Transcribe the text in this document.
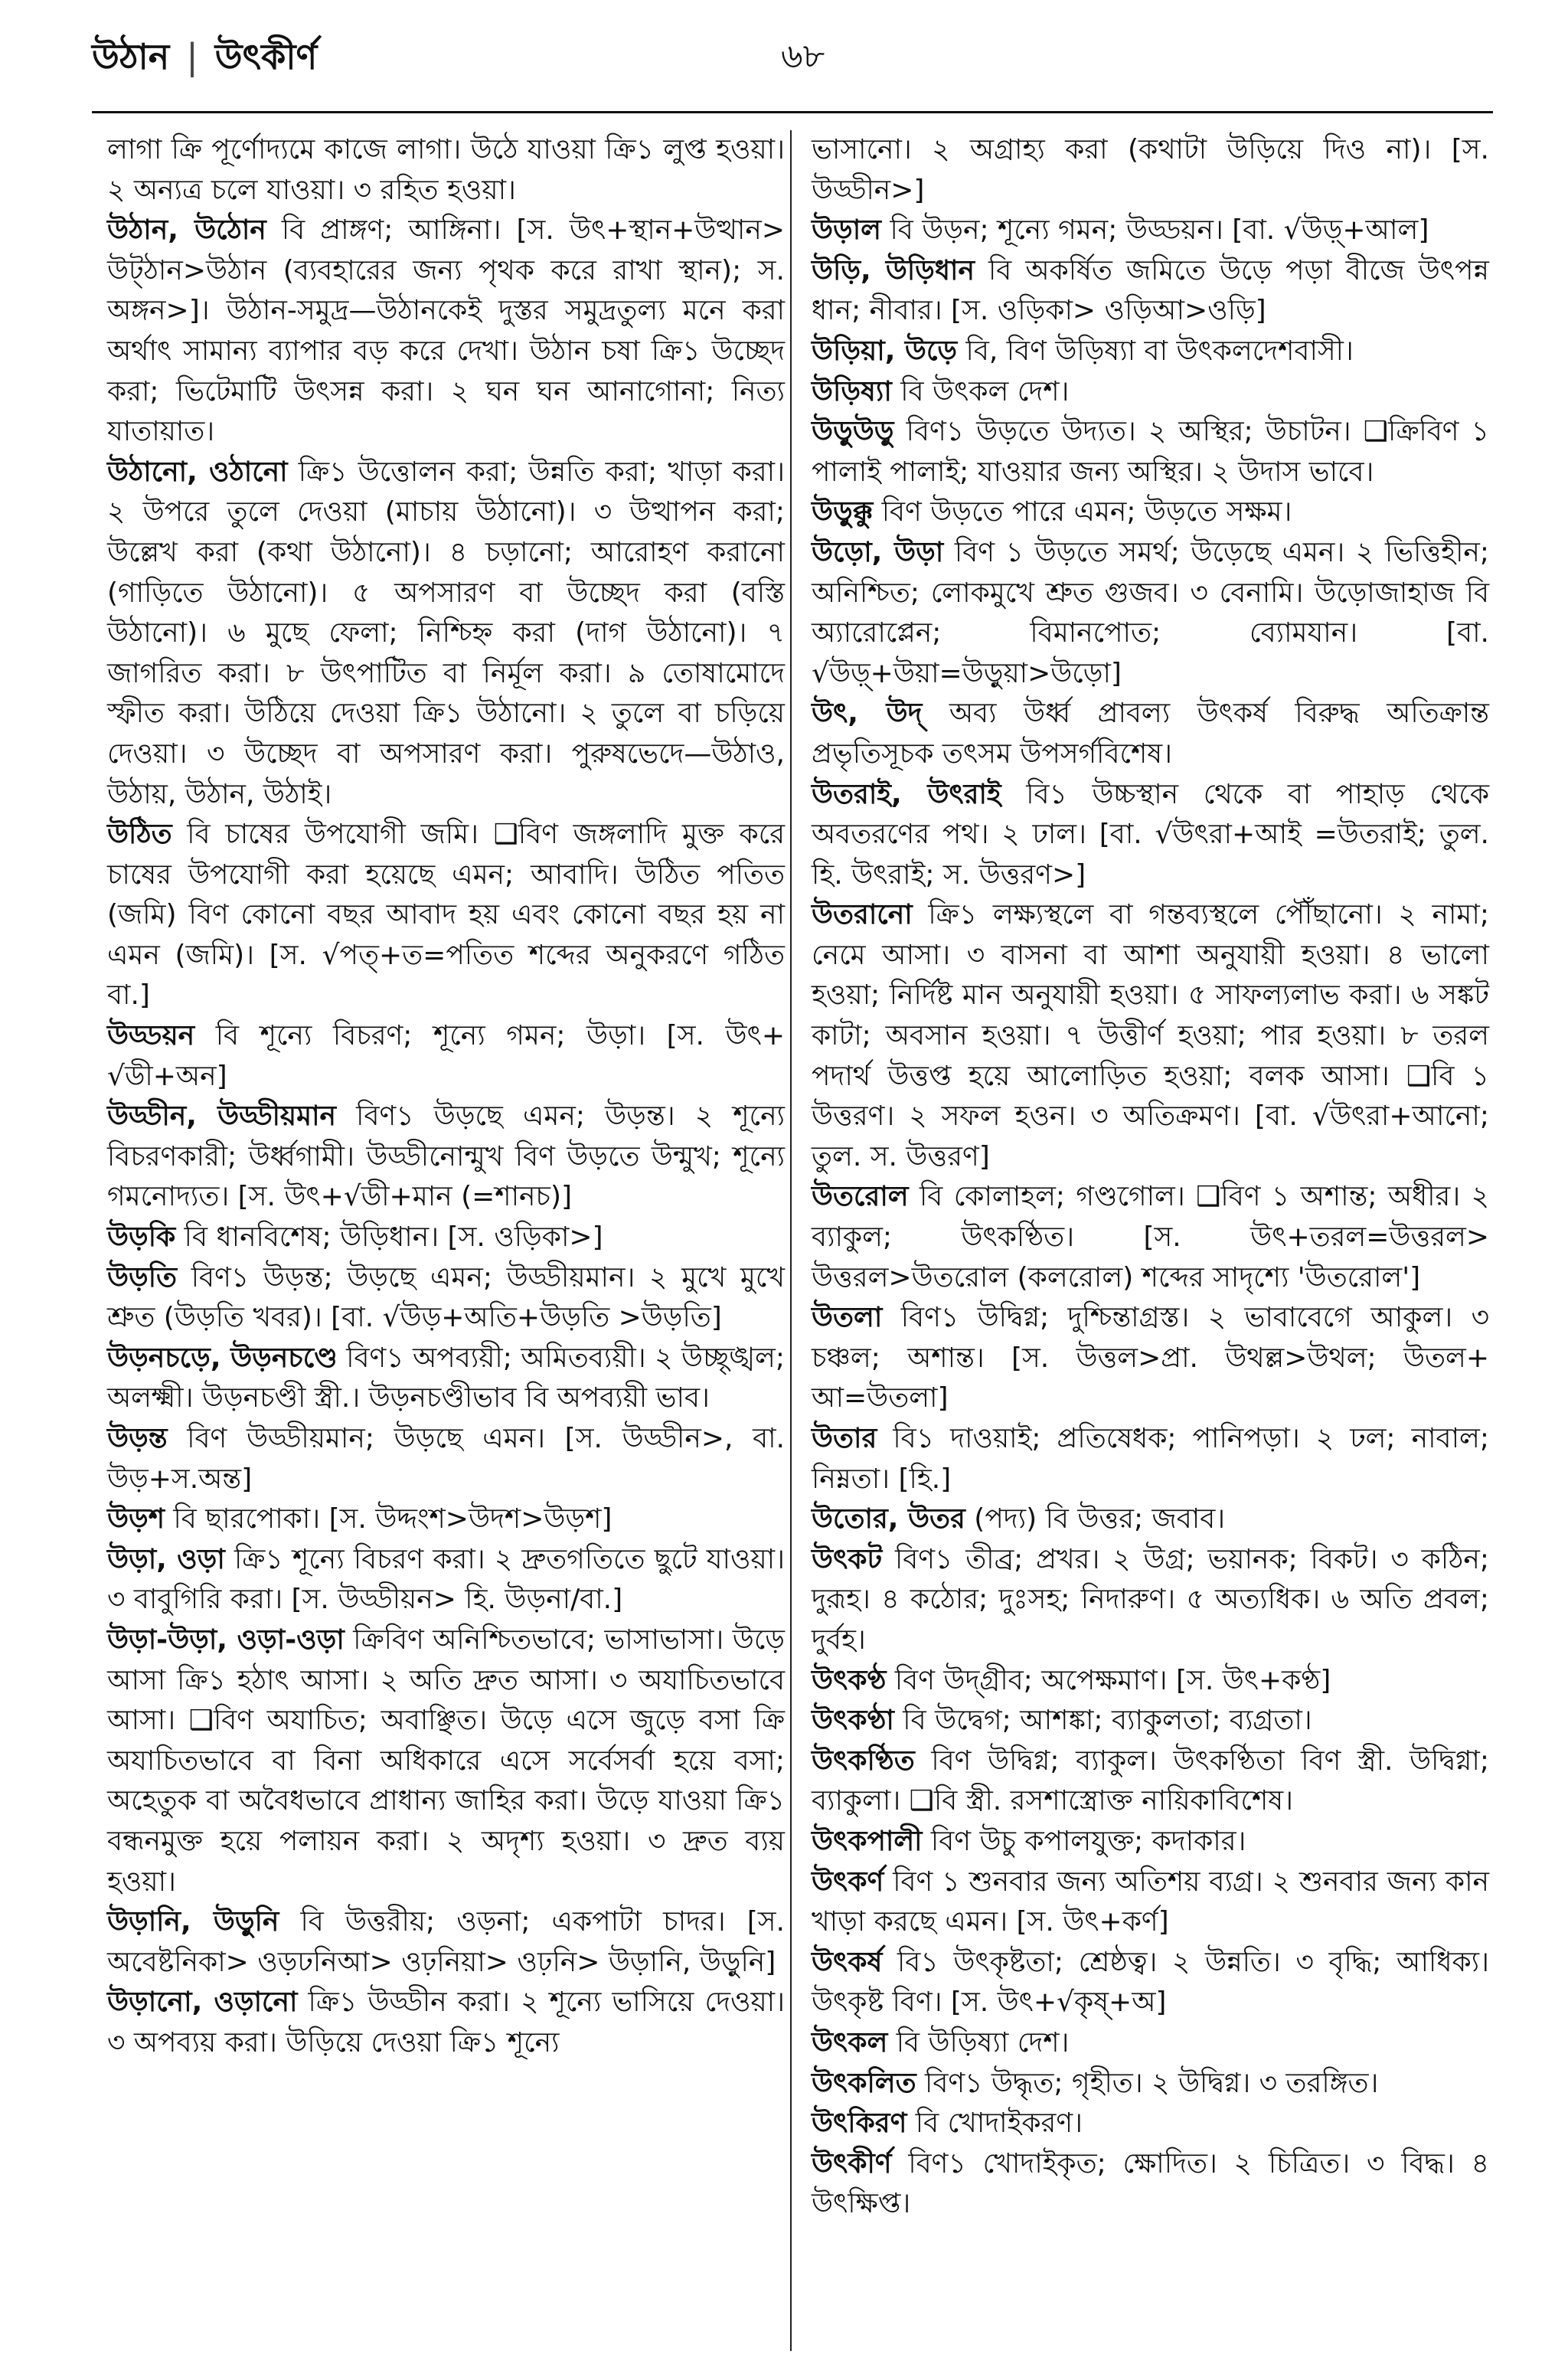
উঠান | উৎকীর্ণ	৬৮

লাগা ক্রি পূর্ণোদ্যমে কাজে লাগা। উঠে যাওয়া ক্রি১ লুপ্ত হওয়া। ২ অন্যত্র চলে যাওয়া। ৩ রহিত হওয়া।

উঠান, উঠোন বি প্রাঙ্গণ; আঙ্গিনা। [স. উৎ+স্থান+উত্থান> উট্‌ঠান>উঠান (ব্যবহারের জন্য পৃথক করে রাখা স্থান); স. অঙ্গন>]। উঠান-সমুদ্র—উঠানকেই দুস্তর সমুদ্রতুল্য মনে করা অর্থাৎ সামান্য ব্যাপার বড় করে দেখা। উঠান চষা ক্রি১ উচ্ছেদ করা; ভিটেমাটি উৎসন্ন করা। ২ ঘন ঘন আনাগোনা; নিত্য যাতায়াত।

উঠানো, ওঠানো ক্রি১ উত্তোলন করা; উন্নতি করা; খাড়া করা। ২ উপরে তুলে দেওয়া (মাচায় উঠানো)। ৩ উত্থাপন করা; উল্লেখ করা (কথা উঠানো)। ৪ চড়ানো; আরোহণ করানো (গাড়িতে উঠানো)। ৫ অপসারণ বা উচ্ছেদ করা (বস্তি উঠানো)। ৬ মুছে ফেলা; নিশ্চিহ্ন করা (দাগ উঠানো)। ৭ জাগরিত করা। ৮ উৎপাটিত বা নির্মূল করা। ৯ তোষামোদে স্ফীত করা। উঠিয়ে দেওয়া ক্রি১ উঠানো। ২ তুলে বা চড়িয়ে দেওয়া। ৩ উচ্ছেদ বা অপসারণ করা। পুরুষভেদে—উঠাও, উঠায়, উঠান, উঠাই।

উঠিত বি চাষের উপযোগী জমি। ❑বিণ জঙ্গলাদি মুক্ত করে চাষের উপযোগী করা হয়েছে এমন; আবাদি। উঠিত পতিত (জমি) বিণ কোনো বছর আবাদ হয় এবং কোনো বছর হয় না এমন (জমি)। [স. √পত্‌+ত=পতিত শব্দের অনুকরণে গঠিত বা.]

উড্ডয়ন বি শূন্যে বিচরণ; শূন্যে গমন; উড়া। [স. উৎ+ √ডী+অন]

উড্ডীন, উড্ডীয়মান বিণ১ উড়ছে এমন; উড়ন্ত। ২ শূন্যে বিচরণকারী; উর্ধ্বগামী। উড্ডীনোন্মুখ বিণ উড়তে উন্মুখ; শূন্যে গমনোদ্যত। [স. উৎ+√ডী+মান (=শানচ)]

উড়কি বি ধানবিশেষ; উড়িধান। [স. ওড়িকা>]

উড়তি বিণ১ উড়ন্ত; উড়ছে এমন; উড্ডীয়মান। ২ মুখে মুখে শ্রুত (উড়তি খবর)। [বা. √উড়+অতি+উড়তি >উড়তি]

উড়নচড়ে, উড়নচণ্ডে বিণ১ অপব্যয়ী; অমিতব্যয়ী। ২ উচ্ছৃঙ্খল; অলক্ষ্মী। উড়নচণ্ডী স্ত্রী.। উড়নচণ্ডীভাব বি অপব্যয়ী ভাব।

উড়ন্ত বিণ উড্ডীয়মান; উড়ছে এমন। [স. উড্ডীন>, বা. উড়+স.অন্ত]

উড়শ বি ছারপোকা। [স. উদ্দংশ>উদশ>উড়শ]

উড়া, ওড়া ক্রি১ শূন্যে বিচরণ করা। ২ দ্রুতগতিতে ছুটে যাওয়া। ৩ বাবুগিরি করা। [স. উড্ডীয়ন> হি. উড়না/বা.]

উড়া-উড়া, ওড়া-ওড়া ক্রিবিণ অনিশ্চিতভাবে; ভাসাভাসা। উড়ে আসা ক্রি১ হঠাৎ আসা। ২ অতি দ্রুত আসা। ৩ অযাচিতভাবে আসা। ❑বিণ অযাচিত; অবাঞ্ছিত। উড়ে এসে জুড়ে বসা ক্রি অযাচিতভাবে বা বিনা অধিকারে এসে সর্বেসর্বা হয়ে বসা; অহেতুক বা অবৈধভাবে প্রাধান্য জাহির করা। উড়ে যাওয়া ক্রি১ বন্ধনমুক্ত হয়ে পলায়ন করা। ২ অদৃশ্য হওয়া। ৩ দ্রুত ব্যয় হওয়া।

উড়ানি, উড়ুনি বি উত্তরীয়; ওড়না; একপাটা চাদর। [স. অবেষ্টনিকা> ওড়ঢনিআ> ওঢ়নিয়া> ওঢ়নি> উড়ানি, উড়ুনি]

উড়ানো, ওড়ানো ক্রি১ উড্ডীন করা। ২ শূন্যে ভাসিয়ে দেওয়া। ৩ অপব্যয় করা। উড়িয়ে দেওয়া ক্রি১ শূন্যে

ভাসানো। ২ অগ্রাহ্য করা (কথাটা উড়িয়ে দিও না)। [স. উড্ডীন>]

উড়াল বি উড়ন; শূন্যে গমন; উড্ডয়ন। [বা. √উড়্‌+আল]

উড়ি, উড়িধান বি অকর্ষিত জমিতে উড়ে পড়া বীজে উৎপন্ন ধান; নীবার। [স. ওড়িকা> ওড়িআ>ওড়ি]

উড়িয়া, উড়ে বি, বিণ উড়িষ্যা বা উৎকলদেশবাসী।

উড়িষ্যা বি উৎকল দেশ।

উড়ুউড়ু বিণ১ উড়তে উদ্যত। ২ অস্থির; উচাটন। ❑ক্রিবিণ ১ পালাই পালাই; যাওয়ার জন্য অস্থির। ২ উদাস ভাবে।

উড়ুক্কু বিণ উড়তে পারে এমন; উড়তে সক্ষম।

উড়ো, উড়া বিণ ১ উড়তে সমর্থ; উড়েছে এমন। ২ ভিত্তিহীন; অনিশ্চিত; লোকমুখে শ্রুত গুজব। ৩ বেনামি। উড়োজাহাজ বি অ্যারোপ্লেন; বিমানপোত; ব্যোমযান। [বা. √উড়্‌+উয়া=উড়ুয়া>উড়ো]

উৎ, উদ্‌ অব্য উর্ধ্ব প্রাবল্য উৎকর্ষ বিরুদ্ধ অতিক্রান্ত প্রভৃতিসূচক তৎসম উপসর্গবিশেষ।

উতরাই, উৎরাই বি১ উচ্চস্থান থেকে বা পাহাড় থেকে অবতরণের পথ। ২ ঢাল। [বা. √উৎরা+আই =উতরাই; তুল. হি. উৎরাই; স. উত্তরণ>]

উতরানো ক্রি১ লক্ষ্যস্থলে বা গন্তব্যস্থলে পৌঁছানো। ২ নামা; নেমে আসা। ৩ বাসনা বা আশা অনুযায়ী হওয়া। ৪ ভালো হওয়া; নির্দিষ্ট মান অনুযায়ী হওয়া। ৫ সাফল্যলাভ করা। ৬ সঙ্কট কাটা; অবসান হওয়া। ৭ উত্তীর্ণ হওয়া; পার হওয়া। ৮ তরল পদার্থ উত্তপ্ত হয়ে আলোড়িত হওয়া; বলক আসা। ❑বি ১ উত্তরণ। ২ সফল হওন। ৩ অতিক্রমণ। [বা. √উৎরা+আনো; তুল. স. উত্তরণ]

উতরোল বি কোলাহল; গণ্ডগোল। ❑বিণ ১ অশান্ত; অধীর। ২ ব্যাকুল; উৎকণ্ঠিত। [স. উৎ+তরল=উত্তরল> উত্তরল>উতরোল (কলরোল) শব্দের সাদৃশ্যে 'উতরোল']

উতলা বিণ১ উদ্বিগ্ন; দুশ্চিন্তাগ্রস্ত। ২ ভাবাবেগে আকুল। ৩ চঞ্চল; অশান্ত। [স. উত্তল>প্রা. উথল্ল>উথল; উতল+ আ=উতলা]

উতার বি১ দাওয়াই; প্রতিষেধক; পানিপড়া। ২ ঢল; নাবাল; নিম্নতা। [হি.]

উতোর, উতর (পদ্য) বি উত্তর; জবাব।

উৎকট বিণ১ তীব্র; প্রখর। ২ উগ্র; ভয়ানক; বিকট। ৩ কঠিন; দুরূহ। ৪ কঠোর; দুঃসহ; নিদারুণ। ৫ অত্যধিক। ৬ অতি প্রবল; দুর্বহ।

উৎকণ্ঠ বিণ উদ্‌গ্রীব; অপেক্ষমাণ। [স. উৎ+কণ্ঠ]

উৎকণ্ঠা বি উদ্বেগ; আশঙ্কা; ব্যাকুলতা; ব্যগ্রতা।

উৎকণ্ঠিত বিণ উদ্বিগ্ন; ব্যাকুল। উৎকণ্ঠিতা বিণ স্ত্রী. উদ্বিগ্না; ব্যাকুলা। ❑বি স্ত্রী. রসশাস্ত্রোক্ত নায়িকাবিশেষ।

উৎকপালী বিণ উচু কপালযুক্ত; কদাকার।

উৎকর্ণ বিণ ১ শুনবার জন্য অতিশয় ব্যগ্র। ২ শুনবার জন্য কান খাড়া করছে এমন। [স. উৎ+কর্ণ]

উৎকর্ষ বি১ উৎকৃষ্টতা; শ্রেষ্ঠত্ব। ২ উন্নতি। ৩ বৃদ্ধি; আধিক্য। উৎকৃষ্ট বিণ। [স. উৎ+√কৃষ্‌+অ]

উৎকল বি উড়িষ্যা দেশ।

উৎকলিত বিণ১ উদ্ধৃত; গৃহীত। ২ উদ্বিগ্ন। ৩ তরঙ্গিত।

উৎকিরণ বি খোদাইকরণ।

উৎকীর্ণ বিণ১ খোদাইকৃত; ক্ষোদিত। ২ চিত্রিত। ৩ বিদ্ধ। ৪ উৎক্ষিপ্ত।
